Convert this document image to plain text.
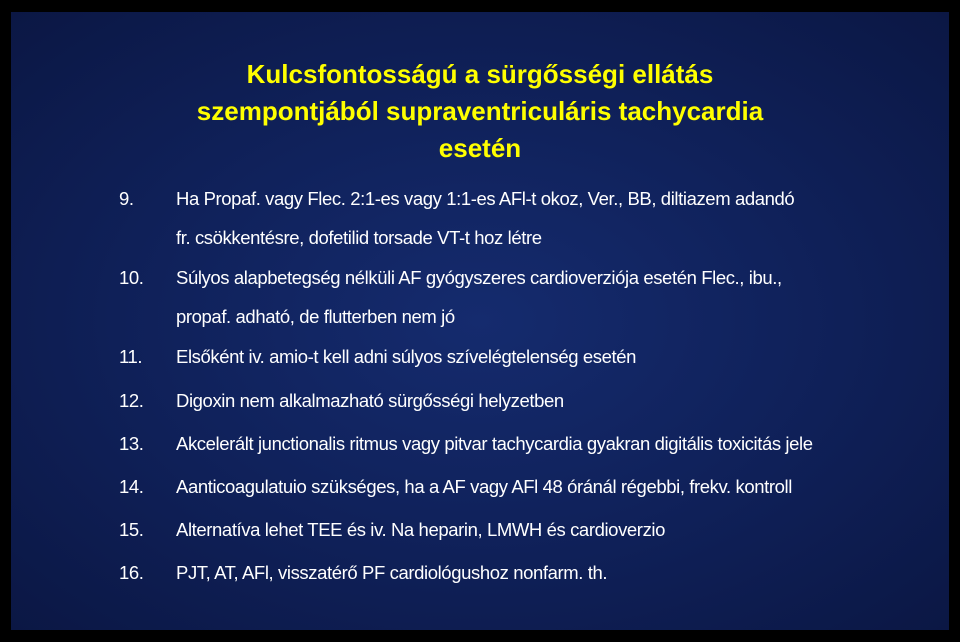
Kulcsfontosságú a sürgősségi ellátás
szempontjából supraventriculáris tachycardia
esetén
9. Ha Propaf. vagy Flec. 2:1-es vagy 1:1-es AFl-t okoz, Ver., BB, diltiazem adandó
fr. csökkentésre, dofetilid torsade VT-t hoz létre
10. Súlyos alapbetegség nélküli AF gyógyszeres cardioverziója esetén Flec., ibu.,
propaf. adható, de flutterben nem jó
11. Elsőként iv. amio-t kell adni súlyos szívelégtelenség esetén
12. Digoxin nem alkalmazható sürgősségi helyzetben
13. Akcelerált junctionalis ritmus vagy pitvar tachycardia gyakran digitális toxicitás jele
14. Aanticoagulatuio szükséges, ha a AF vagy AFl 48 óránál régebbi, frekv. kontroll
15. Alternatíva lehet TEE és iv. Na heparin, LMWH és cardioverzio
16. PJT, AT, AFl, visszatérő PF cardiológushoz nonfarm. th.
